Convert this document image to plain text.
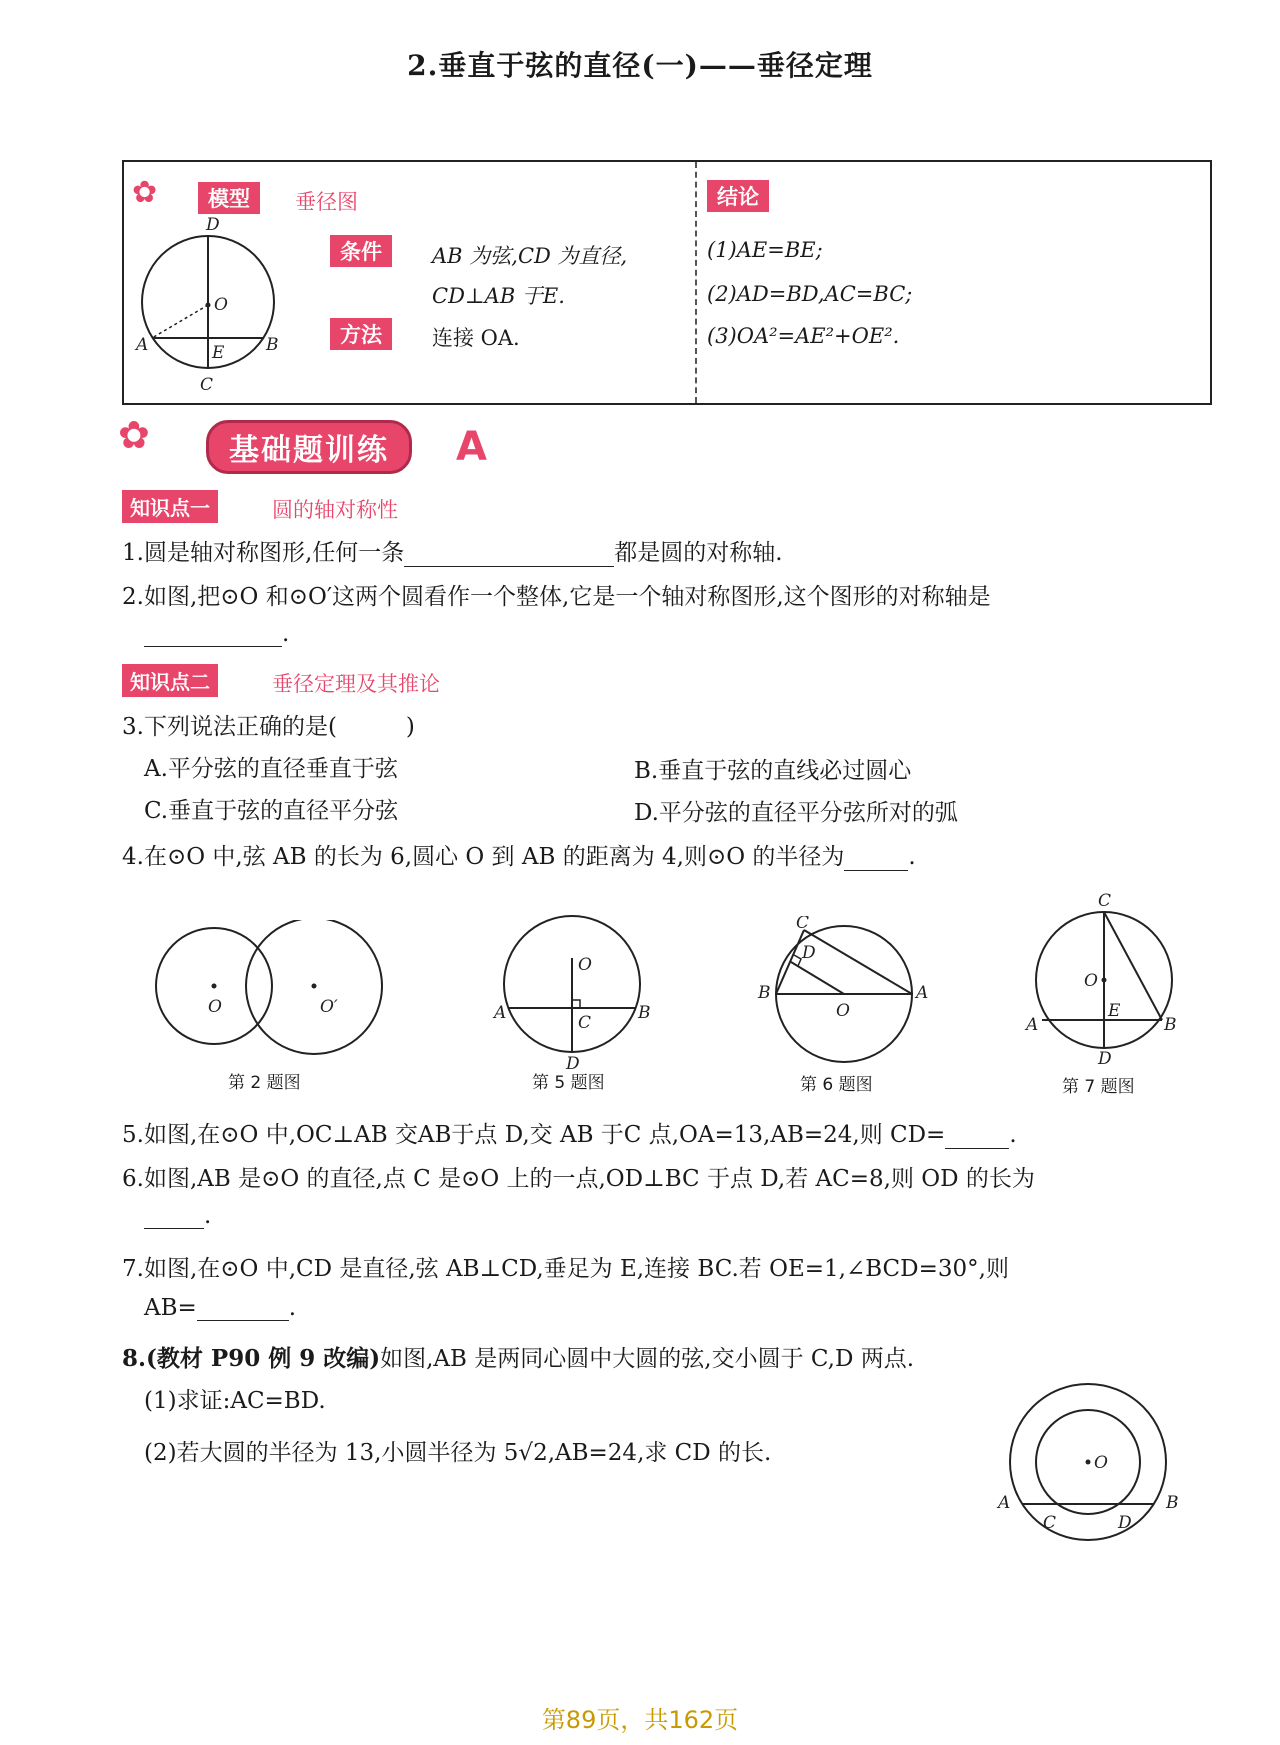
2.垂直于弦的直径(一)——垂径定理
✿	模型	垂径图
条件	AB 为弦,CD 为直径,
CD⊥AB 于E.
方法	连接 OA.
结论
(1)AE=BE;
(2)AD=BD,AC=BC;
(3)OA²=AE²+OE².
D
O
A	E B
C
✿	基础题训练	A
知识点一	圆的轴对称性
1.圆是轴对称图形,任何一条	都是圆的对称轴.
2.如图,把⊙O 和⊙O′这两个圆看作一个整体,它是一个轴对称图形,这个图形的对称轴是
.
知识点二	垂径定理及其推论
3.下列说法正确的是(　　　)
A.平分弦的直径垂直于弦	B.垂直于弦的直线必过圆心
C.垂直于弦的直径平分弦	D.平分弦的直径平分弦所对的弧
4.在⊙O 中,弦 AB 的长为 6,圆心 O 到 AB 的距离为 4,则⊙O 的半径为	.
O	O′
第 2 题图
O
A	C	B
D
第 5 题图
C
D
B
O
A
第 6 题图
C
O
E
A	B
D
第 7 题图
5.如图,在⊙O 中,OC⊥AB 交AB于点 D,交 AB 于C 点,OA=13,AB=24,则 CD=	.
6.如图,AB 是⊙O 的直径,点 C 是⊙O 上的一点,OD⊥BC 于点 D,若 AC=8,则 OD 的长为
.
7.如图,在⊙O 中,CD 是直径,弦 AB⊥CD,垂足为 E,连接 BC.若 OE=1,∠BCD=30°,则
AB=	.
8.(教材 P90 例 9 改编)如图,AB 是两同心圆中大圆的弦,交小圆于 C,D 两点.
(1)求证:AC=BD.
(2)若大圆的半径为 13,小圆半径为 5√2,AB=24,求 CD 的长.	O
A
C	D
B
第89页，共162页
